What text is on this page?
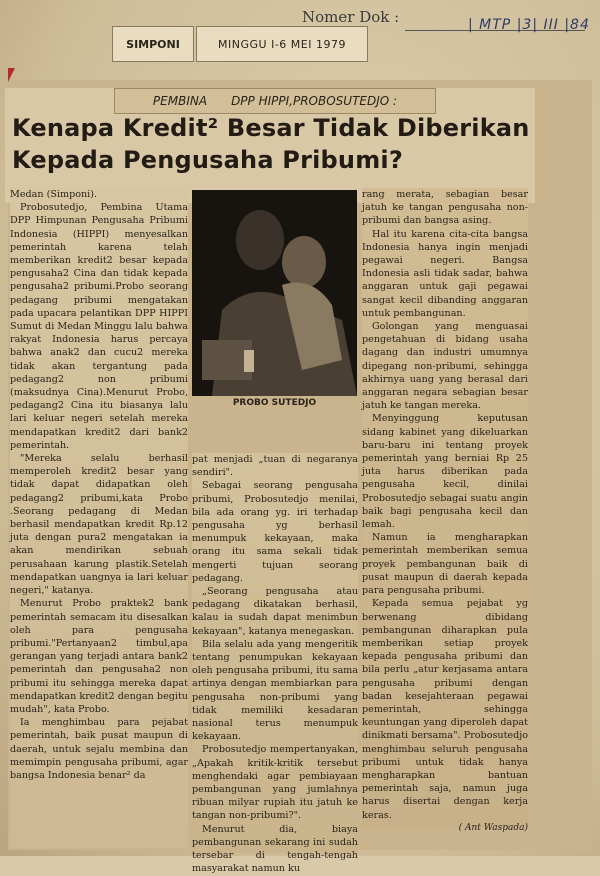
Nomer Dok :	| MTP |3| III |84
SIMPONI	MINGGU I-6 MEI 1979
PEMBINA DPP HIPPI,PROBOSUTEDJO :
Kenapa Kredit² Besar Tidak Diberikan
Kepada Pengusaha Pribumi?

Medan (Simponi).

Probosutedjo, Pembina Utama DPP Himpunan Pengusaha Pribumi Indonesia (HIPPI) menyesalkan pemerintah karena telah memberikan kredit2 besar kepada pengusaha2 Cina dan tidak kepada pengusaha2 pribumi.Probo seorang pedagang pribumi mengatakan pada upacara pelantikan DPP HIPPI Sumut di Medan Minggu lalu bahwa rakyat Indonesia harus percaya bahwa anak2 dan cucu2 mereka tidak akan tergantung pada pedagang2 non pribumi (maksudnya Cina).Menurut Probo, pedagang2 Cina itu biasanya lalu lari keluar negeri setelah mereka mendapatkan kredit2 dari bank2 pemerintah.

"Mereka selalu berhasil memperoleh kredit2 besar yang tidak dapat didapatkan oleh pedagang2 pribumi,kata Probo .Seorang pedagang di Medan berhasil mendapatkan kredit Rp.12 juta dengan pura2 mengatakan ia akan mendirikan sebuah perusahaan karung plastik.Setelah mendapatkan uangnya ia lari keluar negeri," katanya.

Menurut Probo praktek2 bank pemerintah semacam itu disesalkan oleh para pengusaha pribumi."Pertanyaan2 timbul,apa gerangan yang terjadi antara bank2 pemerintah dan pengusaha2 non pribumi itu sehingga mereka dapat mendapatkan kredit2 dengan begitu mudah", kata Probo.

Ia menghimbau para pejabat pemerintah, baik pusat maupun di daerah, untuk sejalu membina dan memimpin pengusaha pribumi, agar bangsa Indonesia benar² da

PROBO SUTEDJO

pat menjadi „tuan di negaranya sendiri".

Sebagai seorang pengusaha pribumi, Probosutedjo menilai, bila ada orang yg. iri terhadap pengusaha yg berhasil menumpuk kekayaan, maka orang itu sama sekali tidak mengerti tujuan seorang pedagang.

„Seorang pengusaha atau pedagang dikatakan berhasil, kalau ia sudah dapat menimbun kekayaan", katanya menegaskan.

Bila selalu ada yang mengeritik tentang penumpukan kekayaan oleh pengusaha pribumi, itu sama artinya dengan membiarkan para pengusaha non-pribumi yang tidak memiliki kesadaran nasional terus menumpuk kekayaan.

Probosutedjo mempertanyakan, „Apakah kritik-kritik tersebut menghendaki agar pembiayaan pembangunan yang jumlahnya ribuan milyar rupiah itu jatuh ke tangan non-pribumi?".

Menurut dia, biaya pembangunan sekarang ini sudah tersebar di tengah-tengah masyarakat namun ku

rang merata, sebagian besar jatuh ke tangan pengusaha non-pribumi dan bangsa asing.

Hal itu karena cita-cita bangsa Indonesia hanya ingin menjadi pegawai negeri. Bangsa Indonesia asli tidak sadar, bahwa anggaran untuk gaji pegawai sangat kecil dibanding anggaran untuk pembangunan.

Golongan yang menguasai pengetahuan di bidang usaha dagang dan industri umumnya dipegang non-pribumi, sehingga akhirnya uang yang berasal dari anggaran negara sebagian besar jatuh ke tangan mereka.

Menyinggung keputusan sidang kabinet yang dikeluarkan baru-baru ini tentang proyek pemerintah yang berniai Rp 25 juta harus diberikan pada pengusaha kecil, dinilai Probosutedjo sebagai suatu angin baik bagi pengusaha kecil dan lemah.

Namun ia mengharapkan pemerintah memberikan semua proyek pembangunan baik di pusat maupun di daerah kepada para pengusaha pribumi.

Kepada semua pejabat yg berwenang dibidang pembangunan diharapkan pula memberikan setiap proyek kepada pengusaha pribumi dan bila perlu „atur kerjasama antara pengusaha pribumi dengan badan kesejahteraan pegawai pemerintah, sehingga keuntungan yang diperoleh dapat dinikmati bersama". Probosutedjo menghimbau seluruh pengusaha pribumi untuk tidak hanya mengharapkan bantuan pemerintah saja, namun juga harus disertai dengan kerja keras.

( Ant Waspada)
